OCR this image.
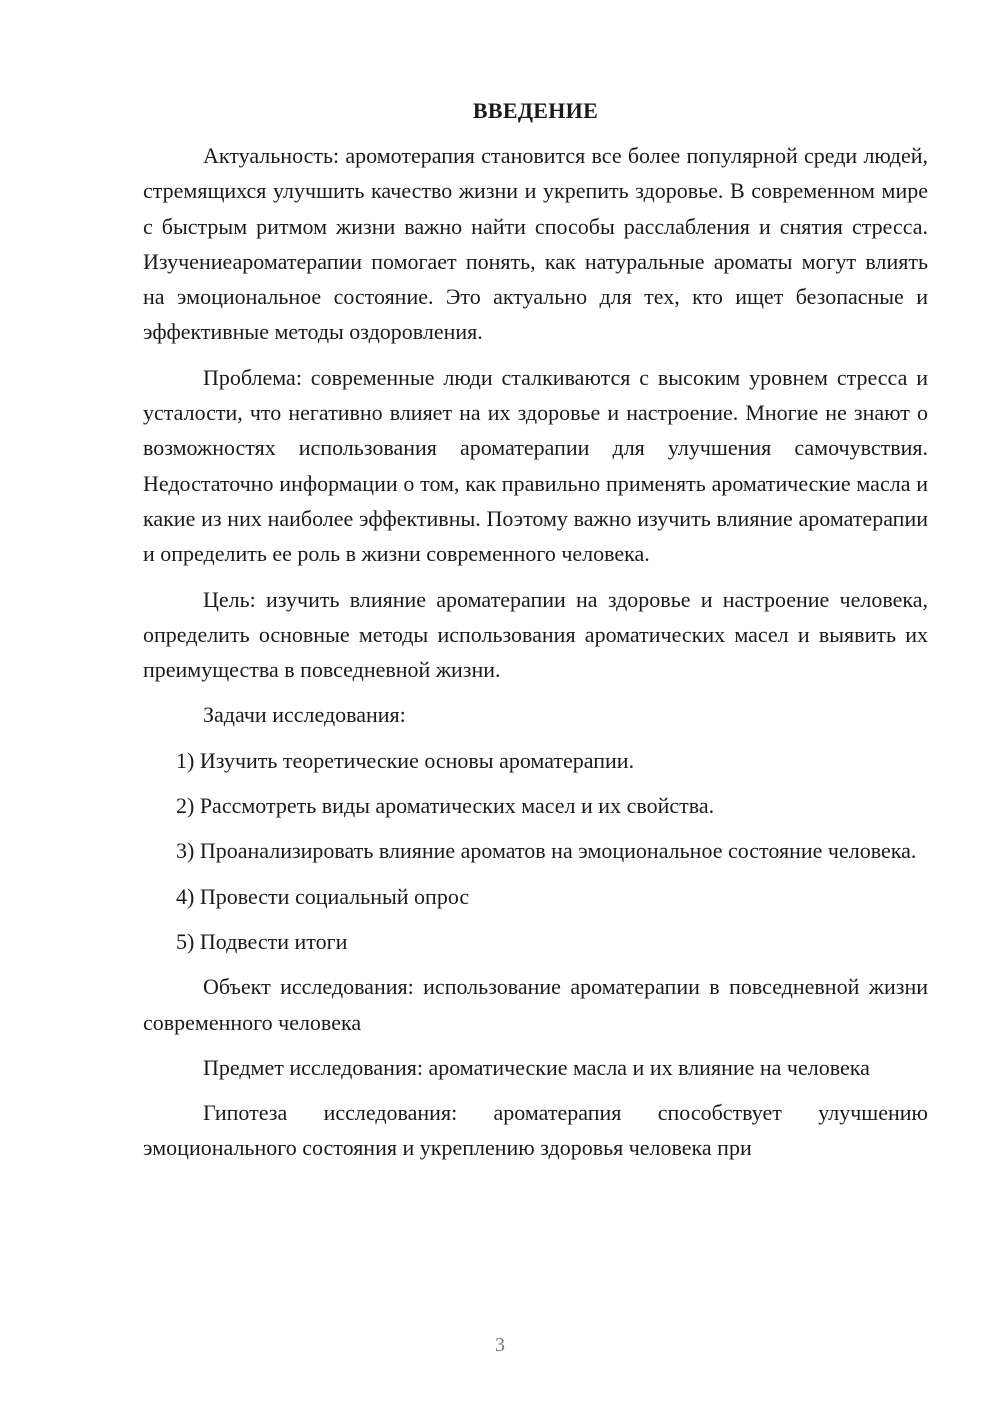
ВВЕДЕНИЕ

Актуальность: аромотерапия становится все более популярной среди людей, стремящихся улучшить качество жизни и укрепить здоровье. В современном мире с быстрым ритмом жизни важно найти способы расслабления и снятия стресса. Изучениеароматерапии помогает понять, как натуральные ароматы могут влиять на эмоциональное состояние. Это актуально для тех, кто ищет безопасные и эффективные методы оздоровления.

Проблема: современные люди сталкиваются с высоким уровнем стресса и усталости, что негативно влияет на их здоровье и настроение. Многие не знают о возможностях использования ароматерапии для улучшения самочувствия. Недостаточно информации о том, как правильно применять ароматические масла и какие из них наиболее эффективны. Поэтому важно изучить влияние ароматерапии и определить ее роль в жизни современного человека.

Цель: изучить влияние ароматерапии на здоровье и настроение человека, определить основные методы использования ароматических масел и выявить их преимущества в повседневной жизни.

Задачи исследования:

1) Изучить теоретические основы ароматерапии.

2) Рассмотреть виды ароматических масел и их свойства.

3) Проанализировать влияние ароматов на эмоциональное состояние человека.

4) Провести социальный опрос

5) Подвести итоги

Объект исследования: использование ароматерапии в повседневной жизни современного человека

Предмет исследования: ароматические масла и их влияние на человека

Гипотеза исследования: ароматерапия способствует улучшению эмоционального состояния и укреплению здоровья человека при

3
